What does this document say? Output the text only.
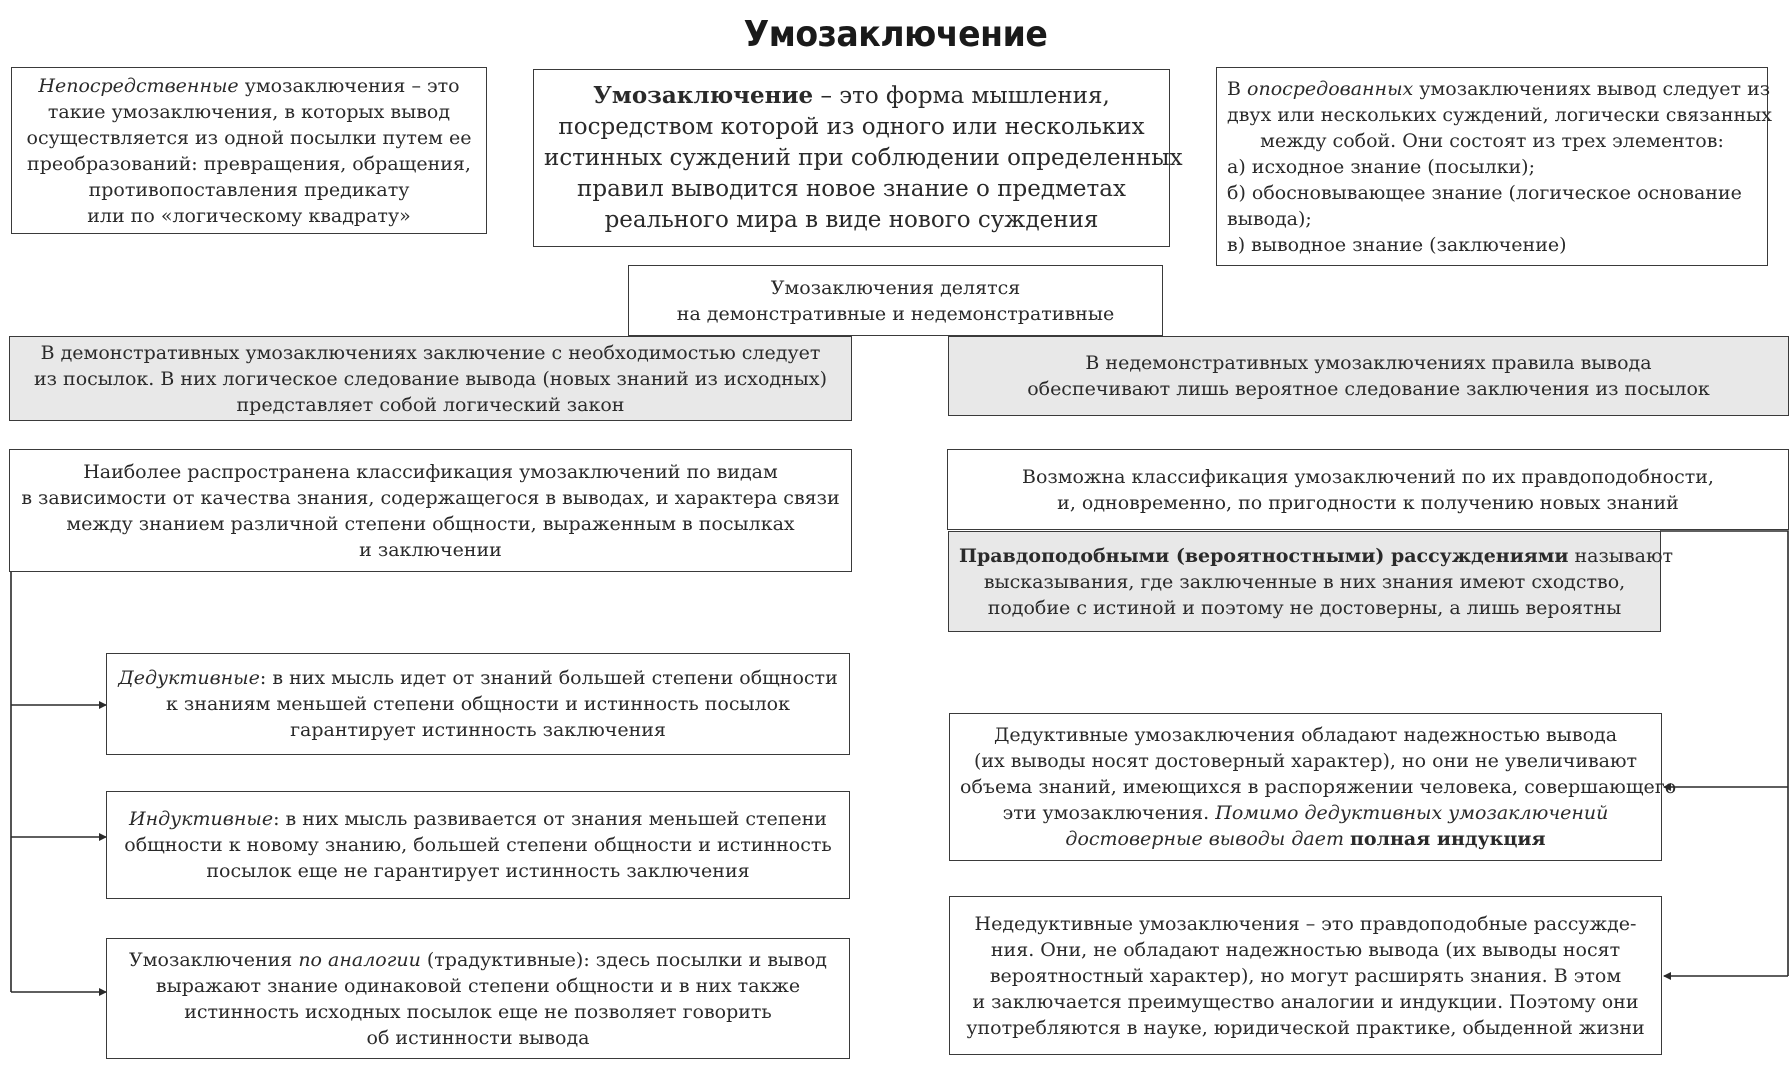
Умозаключение
Непосредственные умозаключения – это
такие умозаключения, в которых вывод
осуществляется из одной посылки путем ее
преобразований: превращения, обращения,
противопоставления предикату
или по «логическому квадрату»
Умозаключение – это форма мышления,
посредством которой из одного или нескольких
истинных суждений при соблюдении определенных
правил выводится новое знание о предметах
реального мира в виде нового суждения
В опосредованных умозаключениях вывод следует из
двух или нескольких суждений, логически связанных
между собой. Они состоят из трех элементов:
а) исходное знание (посылки);
б) обосновывающее знание (логическое основание
вывода);
в) выводное знание (заключение)
Умозаключения делятся
на демонстративные и недемонстративные
В демонстративных умозаключениях заключение с необходимостью следует
из посылок. В них логическое следование вывода (новых знаний из исходных)
представляет собой логический закон
В недемонстративных умозаключениях правила вывода
обеспечивают лишь вероятное следование заключения из посылок
Наиболее распространена классификация умозаключений по видам
в зависимости от качества знания, содержащегося в выводах, и характера связи
между знанием различной степени общности, выраженным в посылках
и заключении
Возможна классификация умозаключений по их правдоподобности,
и, одновременно, по пригодности к получению новых знаний
Правдоподобными (вероятностными) рассуждениями называют
высказывания, где заключенные в них знания имеют сходство,
подобие с истиной и поэтому не достоверны, а лишь вероятны
Дедуктивные: в них мысль идет от знаний большей степени общности
к знаниям меньшей степени общности и истинность посылок
гарантирует истинность заключения
Индуктивные: в них мысль развивается от знания меньшей степени
общности к новому знанию, большей степени общности и истинность
посылок еще не гарантирует истинность заключения
Умозаключения по аналогии (традуктивные): здесь посылки и вывод
выражают знание одинаковой степени общности и в них также
истинность исходных посылок еще не позволяет говорить
об истинности вывода
Дедуктивные умозаключения обладают надежностью вывода
(их выводы носят достоверный характер), но они не увеличивают
объема знаний, имеющихся в распоряжении человека, совершающего
эти умозаключения. Помимо дедуктивных умозаключений
достоверные выводы дает полная индукция
Недедуктивные умозаключения – это правдоподобные рассужде-
ния. Они, не обладают надежностью вывода (их выводы носят
вероятностный характер), но могут расширять знания. В этом
и заключается преимущество аналогии и индукции. Поэтому они
употребляются в науке, юридической практике, обыденной жизни
